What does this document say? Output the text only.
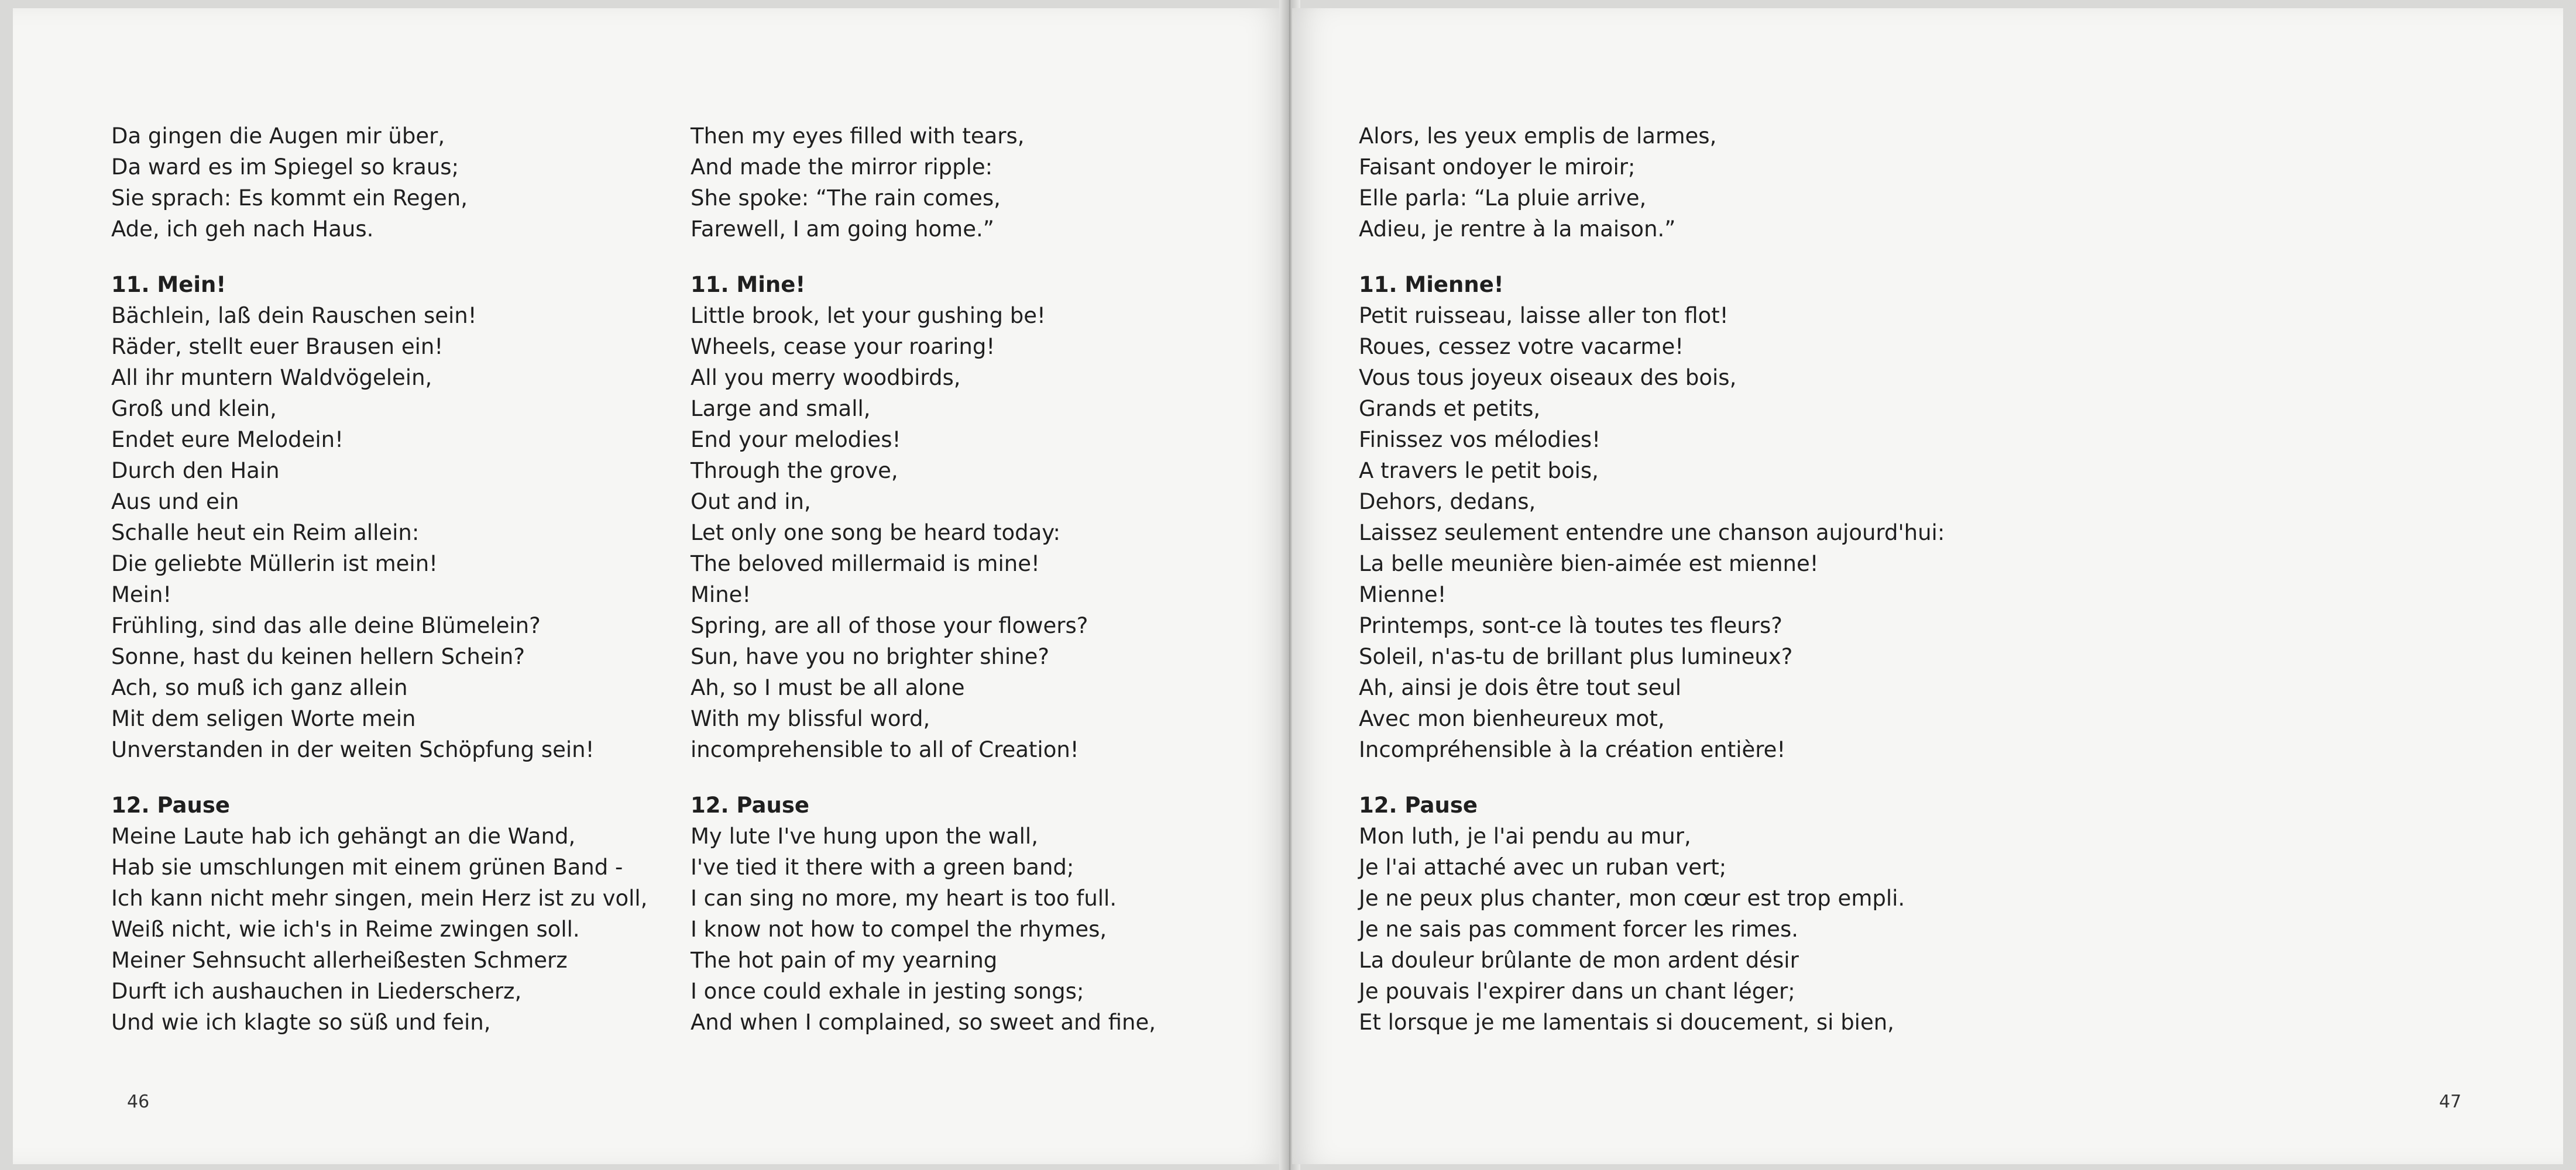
Da gingen die Augen mir über,
Da ward es im Spiegel so kraus;
Sie sprach: Es kommt ein Regen,
Ade, ich geh nach Haus.
11. Mein!
Bächlein, laß dein Rauschen sein!
Räder, stellt euer Brausen ein!
All ihr muntern Waldvögelein,
Groß und klein,
Endet eure Melodein!
Durch den Hain
Aus und ein
Schalle heut ein Reim allein:
Die geliebte Müllerin ist mein!
Mein!
Frühling, sind das alle deine Blümelein?
Sonne, hast du keinen hellern Schein?
Ach, so muß ich ganz allein
Mit dem seligen Worte mein
Unverstanden in der weiten Schöpfung sein!
12. Pause
Meine Laute hab ich gehängt an die Wand,
Hab sie umschlungen mit einem grünen Band -
Ich kann nicht mehr singen, mein Herz ist zu voll,
Weiß nicht, wie ich's in Reime zwingen soll.
Meiner Sehnsucht allerheißesten Schmerz
Durft ich aushauchen in Liederscherz,
Und wie ich klagte so süß und fein,
Then my eyes filled with tears,
And made the mirror ripple:
She spoke: “The rain comes,
Farewell, I am going home.”
11. Mine!
Little brook, let your gushing be!
Wheels, cease your roaring!
All you merry woodbirds,
Large and small,
End your melodies!
Through the grove,
Out and in,
Let only one song be heard today:
The beloved millermaid is mine!
Mine!
Spring, are all of those your flowers?
Sun, have you no brighter shine?
Ah, so I must be all alone
With my blissful word,
incomprehensible to all of Creation!
12. Pause
My lute I've hung upon the wall,
I've tied it there with a green band;
I can sing no more, my heart is too full.
I know not how to compel the rhymes,
The hot pain of my yearning
I once could exhale in jesting songs;
And when I complained, so sweet and fine,
46
Alors, les yeux emplis de larmes,
Faisant ondoyer le miroir;
Elle parla: “La pluie arrive,
Adieu, je rentre à la maison.”
11. Mienne!
Petit ruisseau, laisse aller ton flot!
Roues, cessez votre vacarme!
Vous tous joyeux oiseaux des bois,
Grands et petits,
Finissez vos mélodies!
A travers le petit bois,
Dehors, dedans,
Laissez seulement entendre une chanson aujourd'hui:
La belle meunière bien-aimée est mienne!
Mienne!
Printemps, sont-ce là toutes tes fleurs?
Soleil, n'as-tu de brillant plus lumineux?
Ah, ainsi je dois être tout seul
Avec mon bienheureux mot,
Incompréhensible à la création entière!
12. Pause
Mon luth, je l'ai pendu au mur,
Je l'ai attaché avec un ruban vert;
Je ne peux plus chanter, mon cœur est trop empli.
Je ne sais pas comment forcer les rimes.
La douleur brûlante de mon ardent désir
Je pouvais l'expirer dans un chant léger;
Et lorsque je me lamentais si doucement, si bien,
47
